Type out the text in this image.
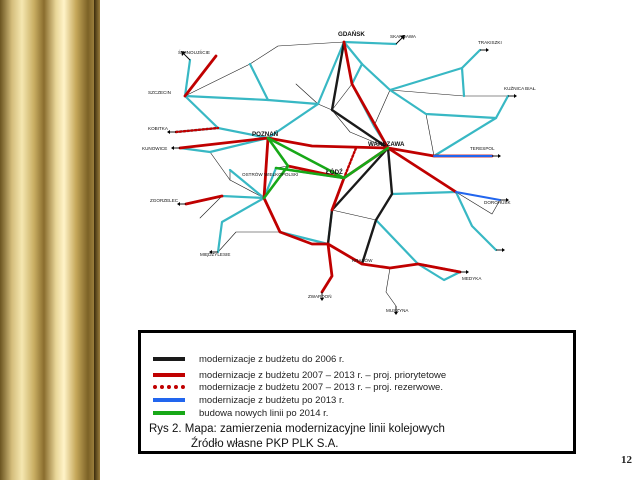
GDAŃSK	SKANDAWA
SZCZECIN
POZNAŃ
WARSZAWA
ŁÓDŹ
TERESPOL
KRAKÓW
KUNOWICE
KOBITKA
ZGORZELEC
MIĘDZYLESIE
ZWARDOŃ
MUSZYNA
MEDYKA
DOROHUSK
KUŹNICA BIAŁ.
TRAKISZKI
OSTRÓW WIELKOPOLSKI
ŚWINOUJŚCIE
modernizacje z budżetu do 2006 r.
modernizacje z budżetu 2007 – 2013 r. – proj. priorytetowe
modernizacje z budżetu 2007 – 2013 r. – proj. rezerwowe.
modernizacje z budżetu po 2013 r.
budowa nowych linii po 2014 r.
Rys 2. Mapa: zamierzenia modernizacyjne linii kolejowych
Źródło własne PKP PLK S.A.
12
